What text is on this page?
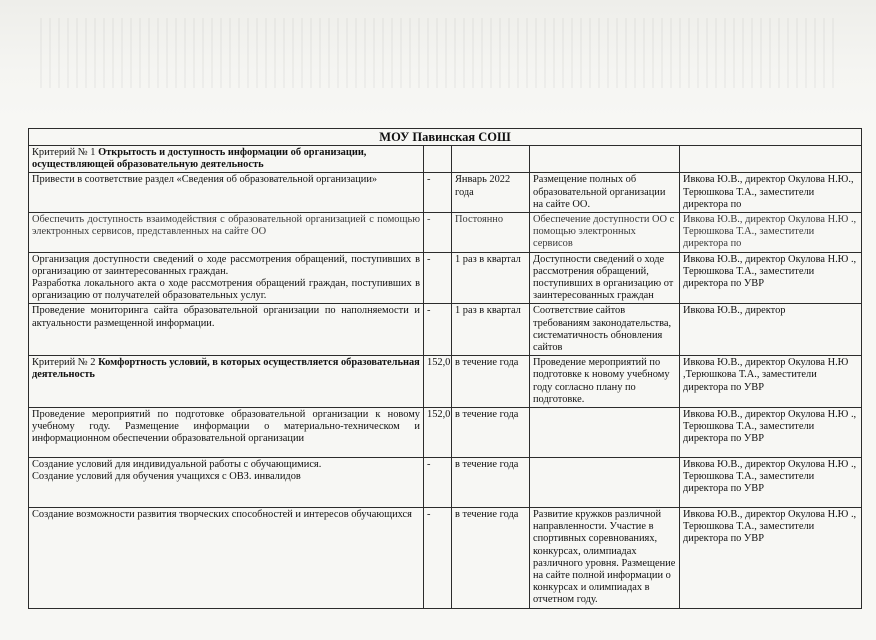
МОУ Павинская СОШ				
Критерий № 1 Открытость и доступность информации об организации, осуществляющей образовательную деятельность				
Привести в соответствие раздел «Сведения об образовательной организации»	-	Январь 2022 года	Размещение полных об образовательной организации на сайте ОО.	Ивкова Ю.В., директор Окулова Н.Ю., Терюшкова Т.А., заместители директора по
Обеспечить доступность взаимодействия с образовательной организацией с помощью электронных сервисов, представленных на сайте ОО	-	Постоянно	Обеспечение доступности ОО с помощью электронных сервисов	Ивкова Ю.В., директор Окулова Н.Ю ., Терюшкова Т.А., заместители директора по

Организация доступности сведений о ходе рассмотрения обращений, поступивших в организацию от заинтересованных граждан.
Разработка локального акта о ходе рассмотрения обращений граждан, поступивших в организацию от получателей образовательных услуг.	-	1 раз в квартал	Доступности сведений о ходе рассмотрения обращений, поступивших в организацию от заинтересованных граждан	Ивкова Ю.В., директор Окулова Н.Ю ., Терюшкова Т.А., заместители директора по УВР
Проведение мониторинга сайта образовательной организации по наполняемости и актуальности размещенной информации.	-	1 раз в квартал	Соответствие сайтов требованиям законодательства, систематичность обновления сайтов	Ивкова Ю.В., директор
Критерий № 2 Комфортность условий, в которых осуществляется образовательная деятельность	152,0	в течение года	Проведение мероприятий по подготовке к новому учебному году согласно плану по подготовке.	Ивкова Ю.В., директор Окулова Н.Ю ,Терюшкова Т.А., заместители директора по УВР
Проведение мероприятий по подготовке образовательной организации к новому учебному году. Размещение информации о материально-техническом и информационном обеспечении образовательной организации	152,0	в течение года		Ивкова Ю.В., директор Окулова Н.Ю ., Терюшкова Т.А., заместители директора по УВР

Создание условий для индивидуальной работы с обучающимися.
Создание условий для обучения учащихся с ОВЗ. инвалидов	-	в течение года		Ивкова Ю.В., директор Окулова Н.Ю ., Терюшкова Т.А., заместители директора по УВР
Создание возможности развития творческих способностей и интересов обучающихся	-	в течение года	Развитие кружков различной направленности. Участие в спортивных соревнованиях, конкурсах, олимпиадах различного уровня. Размещение на сайте полной информации о конкурсах и олимпиадах в отчетном году.	Ивкова Ю.В., директор Окулова Н.Ю ., Терюшкова Т.А., заместители директора по УВР
